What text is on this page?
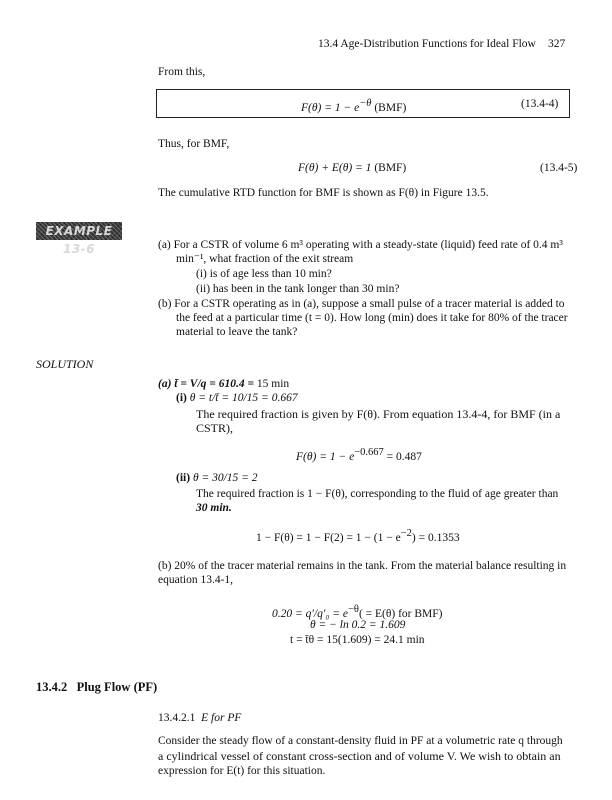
13.4 Age-Distribution Functions for Ideal Flow 327
From this,
$F(\theta) = 1 - e^{-\theta}$ (BMF)	(13.4-4)
Thus, for BMF,
F(θ) + E(θ) = 1 (BMF)	(13.4-5)
The cumulative RTD function for BMF is shown as F(θ) in Figure 13.5.
EXAMPLE 13-6	(a) For a CSTR of volume 6 m³ operating with a steady-state (liquid) feed rate of 0.4 m³
min⁻¹, what fraction of the exit stream
(i) is of age less than 10 min?
(ii) has been in the tank longer than 30 min?
(b) For a CSTR operating as in (a), suppose a small pulse of a tracer material is added to
the feed at a particular time (t = 0). How long (min) does it take for 80% of the tracer
material to leave the tank?
SOLUTION
(a) t̄ = V/q = 610.4 = 15 min
(i) θ = t/t̄ = 10/15 = 0.667
The required fraction is given by F(θ). From equation 13.4-4, for BMF (in a
CSTR),
$F(\theta) = 1 - e^{-0.667} = 0.487$
(ii) θ = 30/15 = 2
The required fraction is 1 − F(θ), corresponding to the fluid of age greater than
30 min.
$1 - F(\theta) = 1 - F(2) = 1 - (1 - e^{-2}) = 0.1353$
(b) 20% of the tracer material remains in the tank. From the material balance resulting in
equation 13.4-1,
$0.20 = q'/q'_0 = e^{-\theta}( = E(\theta)$ for BMF)
θ = − ln 0.2 = 1.609
t = t̄θ = 15(1.609) = 24.1 min
13.4.2 Plug Flow (PF)
13.4.2.1 E for PF
Consider the steady flow of a constant-density fluid in PF at a volumetric rate q through
a cylindrical vessel of constant cross-section and of volume V. We wish to obtain an
expression for E(t) for this situation.
